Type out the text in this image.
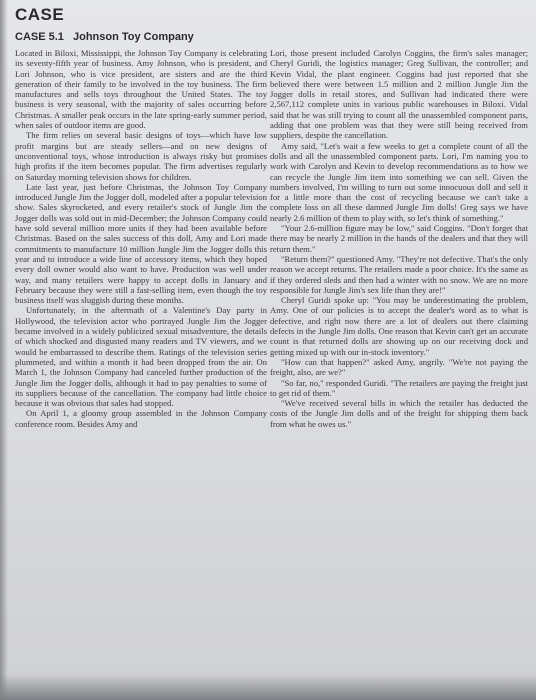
CASE
CASE 5.1 Johnson Toy Company

Located in Biloxi, Mississippi, the Johnson Toy Company is celebrating its seventy-fifth year of business. Amy Johnson, who is president, and Lori Johnson, who is vice president, are sisters and are the third generation of their family to be involved in the toy business. The firm manufactures and sells toys throughout the United States. The toy business is very seasonal, with the majority of sales occurring before Christmas. A smaller peak occurs in the late spring-early summer period, when sales of outdoor items are good.

The firm relies on several basic designs of toys—which have low profit margins but are steady sellers—and on new designs of unconventional toys, whose introduction is always risky but promises high profits if the item becomes popular. The firm advertises regularly on Saturday morning television shows for children.

Late last year, just before Christmas, the Johnson Toy Company introduced Jungle Jim the Jogger doll, modeled after a popular television show. Sales skyrocketed, and every retailer's stock of Jungle Jim the Jogger dolls was sold out in mid-December; the Johnson Company could have sold several million more units if they had been available before Christmas. Based on the sales success of this doll, Amy and Lori made commitments to manufacture 10 million Jungle Jim the Jogger dolls this year and to introduce a wide line of accessory items, which they hoped every doll owner would also want to have. Production was well under way, and many retailers were happy to accept dolls in January and February because they were still a fast-selling item, even though the toy business itself was sluggish during these months.

Unfortunately, in the aftermath of a Valentine's Day party in Hollywood, the television actor who portrayed Jungle Jim the Jogger became involved in a widely publicized sexual misadventure, the details of which shocked and disgusted many readers and TV viewers, and we would be embarrassed to describe them. Ratings of the television series plummeted, and within a month it had been dropped from the air. On March 1, the Johnson Company had canceled further production of the Jungle Jim the Jogger dolls, although it had to pay penalties to some of its suppliers because of the cancellation. The company had little choice because it was obvious that sales had stopped.

On April 1, a gloomy group assembled in the Johnson Company conference room. Besides Amy and

Lori, those present included Carolyn Coggins, the firm's sales manager; Cheryl Guridi, the logistics manager; Greg Sullivan, the controller; and Kevin Vidal, the plant engineer. Coggins had just reported that she believed there were between 1.5 million and 2 million Jungle Jim the Jogger dolls in retail stores, and Sullivan had indicated there were 2,567,112 complete units in various public warehouses in Biloxi. Vidal said that he was still trying to count all the unassembled component parts, adding that one problem was that they were still being received from suppliers, despite the cancellation.

Amy said, "Let's wait a few weeks to get a complete count of all the dolls and all the unassembled component parts. Lori, I'm naming you to work with Carolyn and Kevin to develop recommendations as to how we can recycle the Jungle Jim item into something we can sell. Given the numbers involved, I'm willing to turn out some innocuous doll and sell it for a little more than the cost of recycling because we can't take a complete loss on all these damned Jungle Jim dolls! Greg says we have nearly 2.6 million of them to play with, so let's think of something."

"Your 2.6-million figure may be low," said Coggins. "Don't forget that there may be nearly 2 million in the hands of the dealers and that they will return them."

"Return them?" questioned Amy. "They're not defective. That's the only reason we accept returns. The retailers made a poor choice. It's the same as if they ordered sleds and then had a winter with no snow. We are no more responsible for Jungle Jim's sex life than they are!"

Cheryl Guridi spoke up: "You may be underestimating the problem, Amy. One of our policies is to accept the dealer's word as to what is defective, and right now there are a lot of dealers out there claiming defects in the Jungle Jim dolls. One reason that Kevin can't get an accurate count is that returned dolls are showing up on our receiving dock and getting mixed up with our in-stock inventory."

"How can that happen?" asked Amy, angrily. "We're not paying the freight, also, are we?"

"So far, no," responded Guridi. "The retailers are paying the freight just to get rid of them."

"We've received several bills in which the retailer has deducted the costs of the Jungle Jim dolls and of the freight for shipping them back from what he owes us."
